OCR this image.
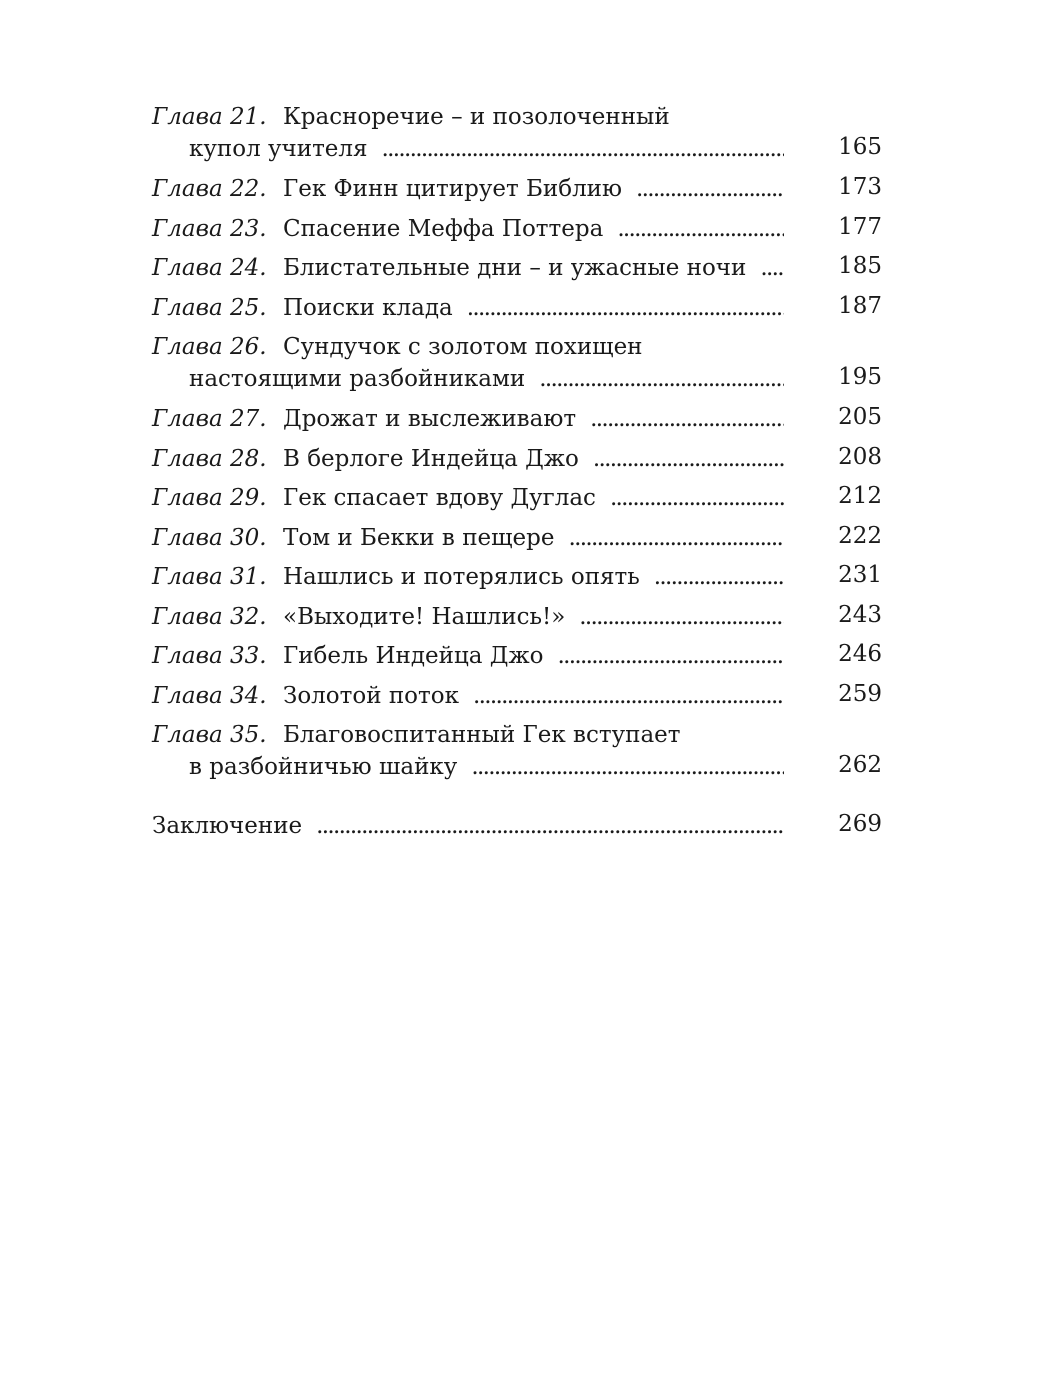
Глава 21. Красноречие – и позолоченный
купол учителя . . .	165
Глава 22. Гек Финн цитирует Библию . . .	173
Глава 23. Спасение Меффа Поттера . . .	177
Глава 24. Блистательные дни – и ужасные ночи . . .	185
Глава 25. Поиски клада . . .	187
Глава 26. Сундучок с золотом похищен
настоящими разбойниками . . .	195
Глава 27. Дрожат и выслеживают . . .	205
Глава 28. В берлоге Индейца Джо . . .	208
Глава 29. Гек спасает вдову Дуглас . . .	212
Глава 30. Том и Бекки в пещере . . .	222
Глава 31. Нашлись и потерялись опять . . .	231
Глава 32. «Выходите! Нашлись!» . . .	243
Глава 33. Гибель Индейца Джо . . .	246
Глава 34. Золотой поток . . .	259
Глава 35. Благовоспитанный Гек вступает
в разбойничью шайку . . .	262
Заключение . . .	269
